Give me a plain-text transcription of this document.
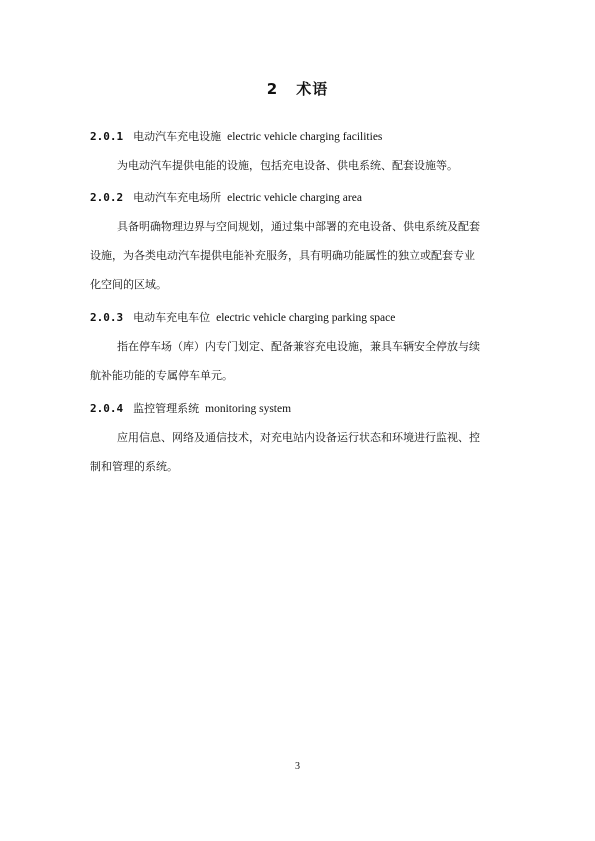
2 术语
2.0.1 电动汽车充电设施 electric vehicle charging facilities
为电动汽车提供电能的设施，包括充电设备、供电系统、配套设施等。
2.0.2 电动汽车充电场所 electric vehicle charging area
具备明确物理边界与空间规划，通过集中部署的充电设备、供电系统及配套
设施，为各类电动汽车提供电能补充服务，具有明确功能属性的独立或配套专业
化空间的区域。
2.0.3 电动车充电车位 electric vehicle charging parking space
指在停车场（库）内专门划定、配备兼容充电设施，兼具车辆安全停放与续
航补能功能的专属停车单元。
2.0.4 监控管理系统 monitoring system
应用信息、网络及通信技术，对充电站内设备运行状态和环境进行监视、控
制和管理的系统。
3
